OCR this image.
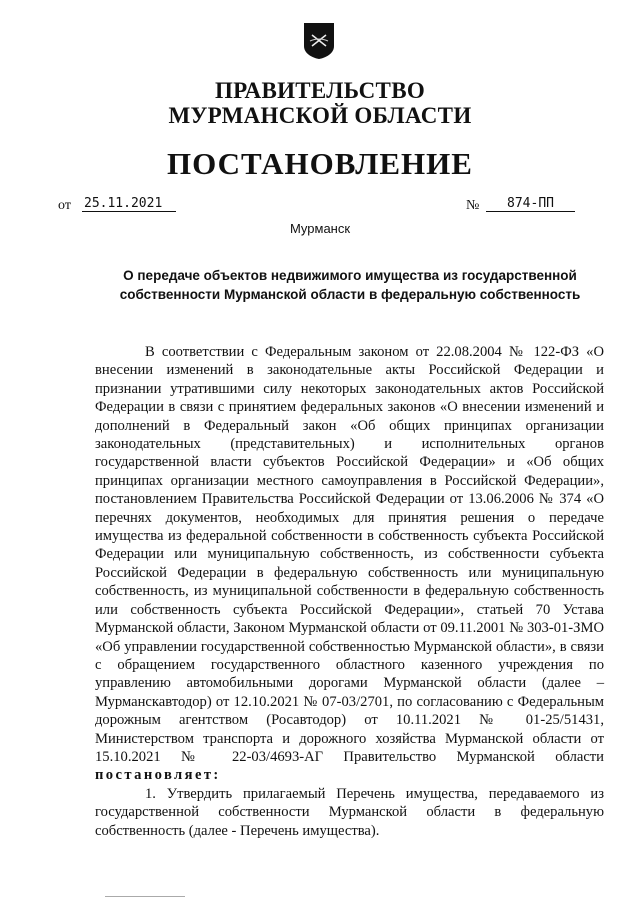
ПРАВИТЕЛЬСТВО
МУРМАНСКОЙ ОБЛАСТИ
ПОСТАНОВЛЕНИЕ
от 25.11.2021	№	874-ПП
Мурманск
О передаче объектов недвижимого имущества из государственной собственности Мурманской области в федеральную собственность

В соответствии с Федеральным законом от 22.08.2004 № 122-ФЗ «О внесении изменений в законодательные акты Российской Федерации и признании утратившими силу некоторых законодательных актов Российской Федерации в связи с принятием федеральных законов «О внесении изменений и дополнений в Федеральный закон «Об общих принципах организации законодательных (представительных) и исполнительных органов государственной власти субъектов Российской Федерации» и «Об общих принципах организации местного самоуправления в Российской Федерации», постановлением Правительства Российской Федерации от 13.06.2006 № 374 «О перечнях документов, необходимых для принятия решения о передаче имущества из федеральной собственности в собственность субъекта Российской Федерации или муниципальную собственность, из собственности субъекта Российской Федерации в федеральную собственность или муниципальную собственность, из муниципальной собственности в федеральную собственность или собственность субъекта Российской Федерации», статьей 70 Устава Мурманской области, Законом Мурманской области от 09.11.2001 № 303-01-ЗМО «Об управлении государственной собственностью Мурманской области», в связи с обращением государственного областного казенного учреждения по управлению автомобильными дорогами Мурманской области (далее – Мурманскавтодор) от 12.10.2021 № 07-03/2701, по согласованию с Федеральным дорожным агентством (Росавтодор) от 10.11.2021 № 01-25/51431, Министерством транспорта и дорожного хозяйства Мурманской области от 15.10.2021 № 22-03/4693-АГ Правительство Мурманской области постановляет:

1. Утвердить прилагаемый Перечень имущества, передаваемого из государственной собственности Мурманской области в федеральную собственность (далее - Перечень имущества).
